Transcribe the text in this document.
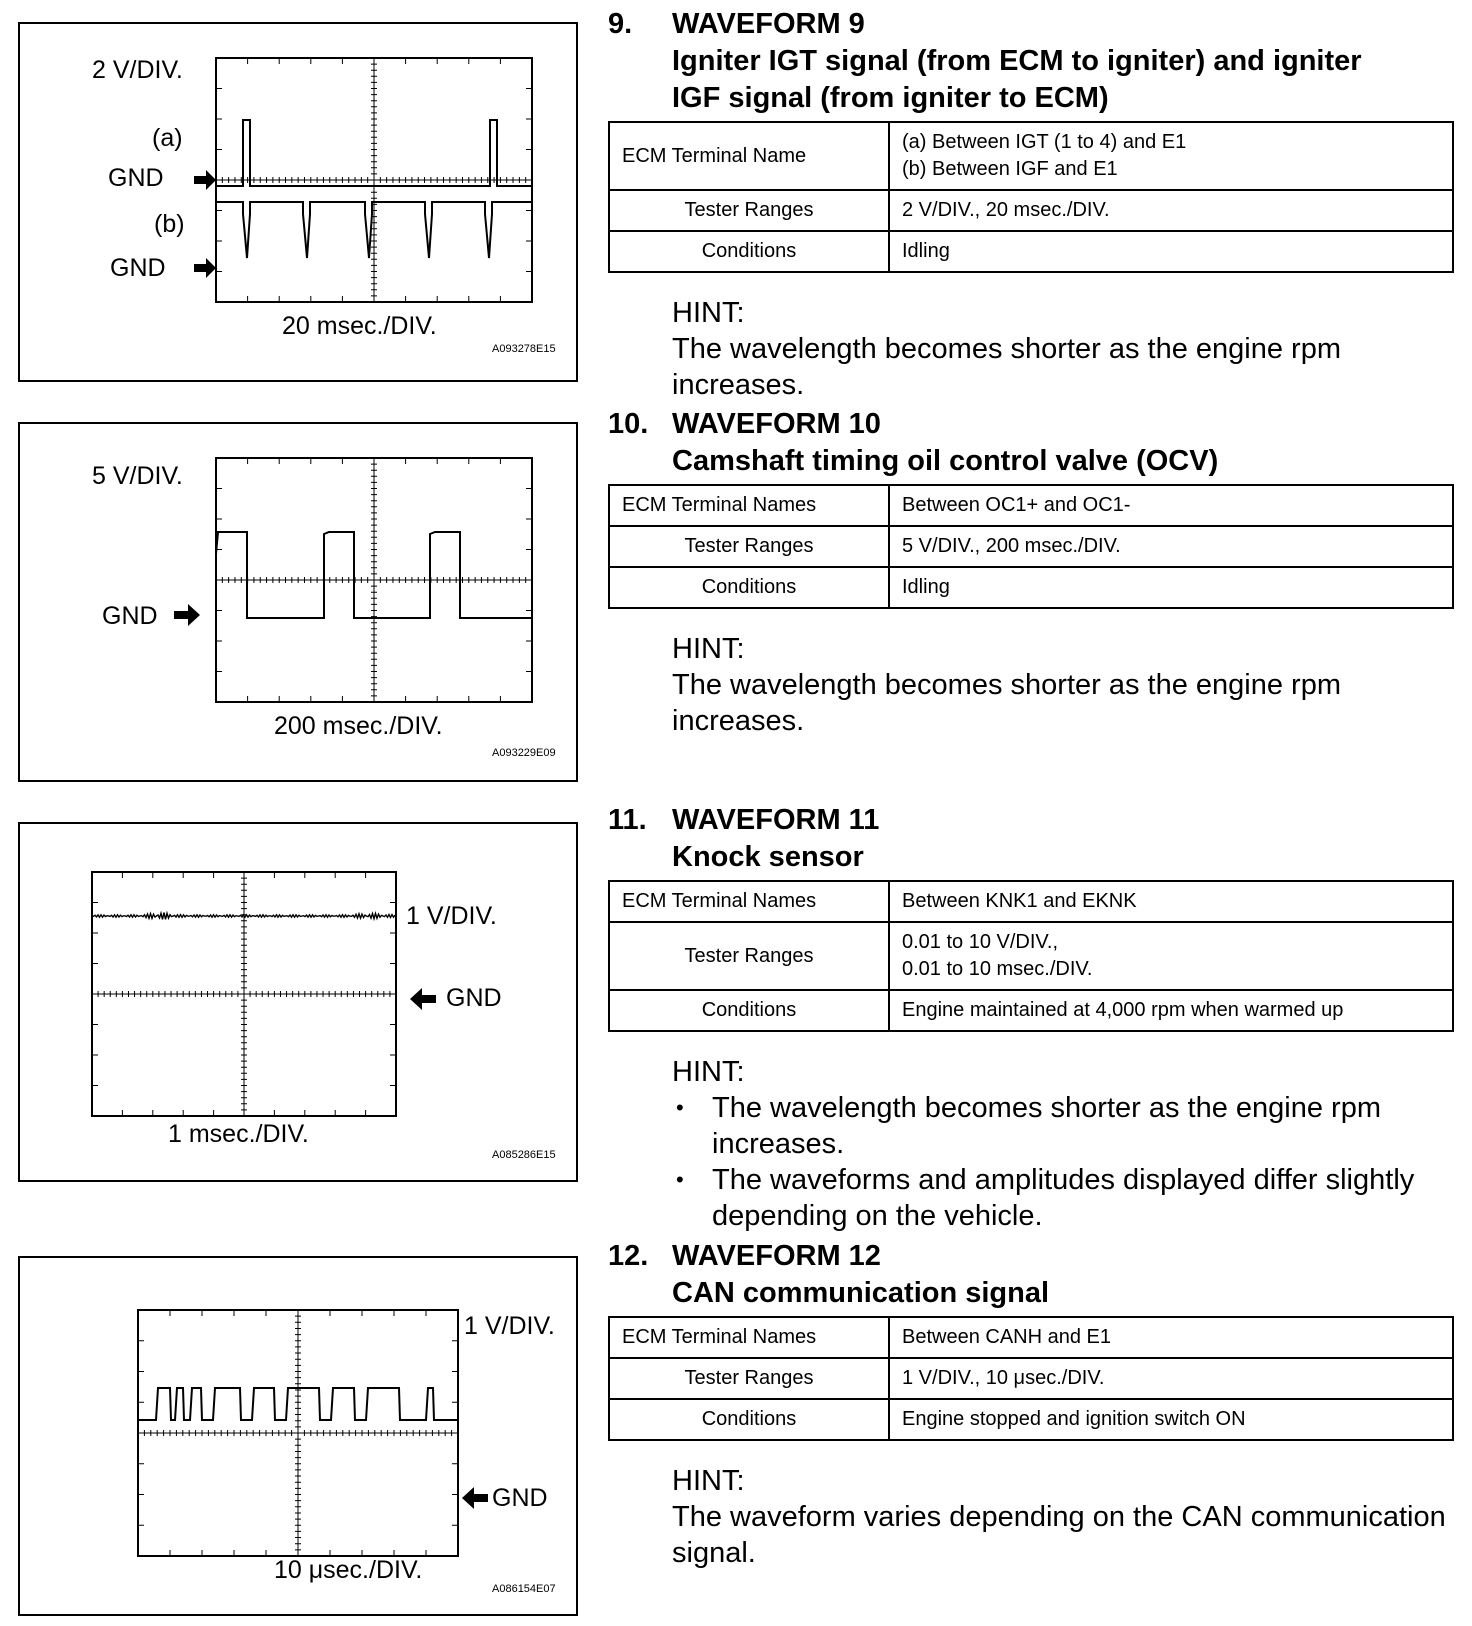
2 V/DIV.
(a)
GND
(b)
GND
20 msec./DIV.
A093278E15
5 V/DIV.
GND
200 msec./DIV.
A093229E09
1 V/DIV.
GND
1 msec./DIV.
A085286E15
1 V/DIV.
GND
10 μsec./DIV.
A086154E07
9. WAVEFORM 9
Igniter IGT signal (from ECM to igniter) and igniter
IGF signal (from igniter to ECM)
ECM Terminal Name	(a) Between IGT (1 to 4) and E1
(b) Between IGF and E1

Tester Ranges	2 V/DIV., 20 msec./DIV.
Conditions	Idling
HINT:
The wavelength becomes shorter as the engine rpm increases.
10. WAVEFORM 10
Camshaft timing oil control valve (OCV)
ECM Terminal Names	Between OC1+ and OC1-
Tester Ranges	5 V/DIV., 200 msec./DIV.
Conditions	Idling
HINT:
The wavelength becomes shorter as the engine rpm increases.
11. WAVEFORM 11
Knock sensor
ECM Terminal Names	Between KNK1 and EKNK
Tester Ranges	0.01 to 10 V/DIV.,
0.01 to 10 msec./DIV.

Conditions	Engine maintained at 4,000 rpm when warmed up
HINT:
• The wavelength becomes shorter as the engine rpm increases.
• The waveforms and amplitudes displayed differ slightly depending on the vehicle.
12. WAVEFORM 12
CAN communication signal
ECM Terminal Names	Between CANH and E1
Tester Ranges	1 V/DIV., 10 μsec./DIV.
Conditions	Engine stopped and ignition switch ON
HINT:
The waveform varies depending on the CAN communication signal.
